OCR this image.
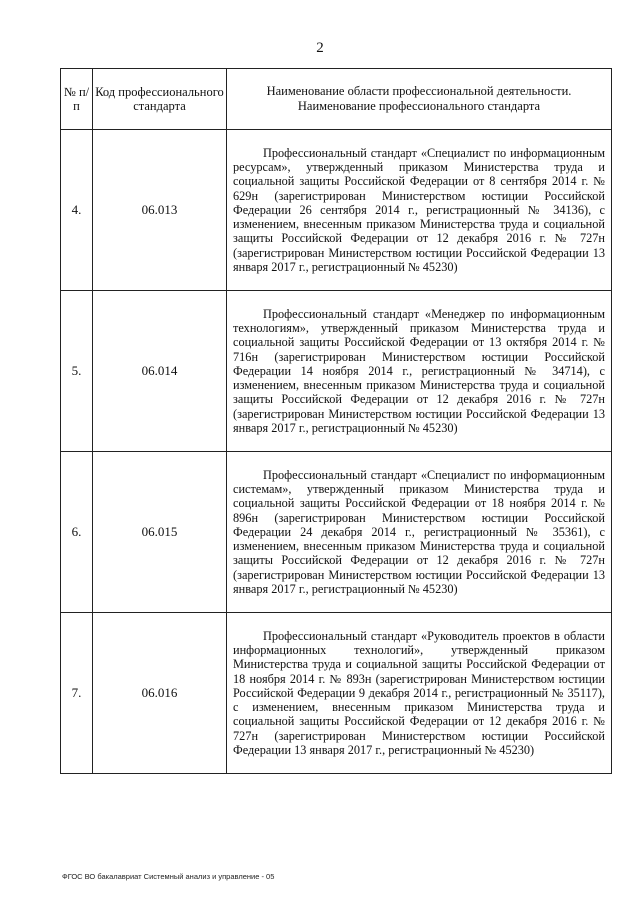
2
№ п/п	Код профессионального стандарта	Наименование области профессиональной деятельности. Наименование профессионального стандарта
4.	06.013	Профессиональный стандарт «Специалист по информационным ресурсам», утвержденный приказом Министерства труда и социальной защиты Российской Федерации от 8 сентября 2014 г. № 629н (зарегистрирован Министерством юстиции Российской Федерации 26 сентября 2014 г., регистрационный № 34136), с изменением, внесенным приказом Министерства труда и социальной защиты Российской Федерации от 12 декабря 2016 г. № 727н (зарегистрирован Министерством юстиции Российской Федерации 13 января 2017 г., регистрационный № 45230)
5.	06.014	Профессиональный стандарт «Менеджер по информационным технологиям», утвержденный приказом Министерства труда и социальной защиты Российской Федерации от 13 октября 2014 г. № 716н (зарегистрирован Министерством юстиции Российской Федерации 14 ноября 2014 г., регистрационный № 34714), с изменением, внесенным приказом Министерства труда и социальной защиты Российской Федерации от 12 декабря 2016 г. № 727н (зарегистрирован Министерством юстиции Российской Федерации 13 января 2017 г., регистрационный № 45230)
6.	06.015	Профессиональный стандарт «Специалист по информационным системам», утвержденный приказом Министерства труда и социальной защиты Российской Федерации от 18 ноября 2014 г. № 896н (зарегистрирован Министерством юстиции Российской Федерации 24 декабря 2014 г., регистрационный № 35361), с изменением, внесенным приказом Министерства труда и социальной защиты Российской Федерации от 12 декабря 2016 г. № 727н (зарегистрирован Министерством юстиции Российской Федерации 13 января 2017 г., регистрационный № 45230)
7.	06.016	Профессиональный стандарт «Руководитель проектов в области информационных технологий», утвержденный приказом Министерства труда и социальной защиты Российской Федерации от 18 ноября 2014 г. № 893н (зарегистрирован Министерством юстиции Российской Федерации 9 декабря 2014 г., регистрационный № 35117), с изменением, внесенным приказом Министерства труда и социальной защиты Российской Федерации от 12 декабря 2016 г. № 727н (зарегистрирован Министерством юстиции Российской Федерации 13 января 2017 г., регистрационный № 45230)
ФГОС ВО бакалавриат Системный анализ и управление - 05
